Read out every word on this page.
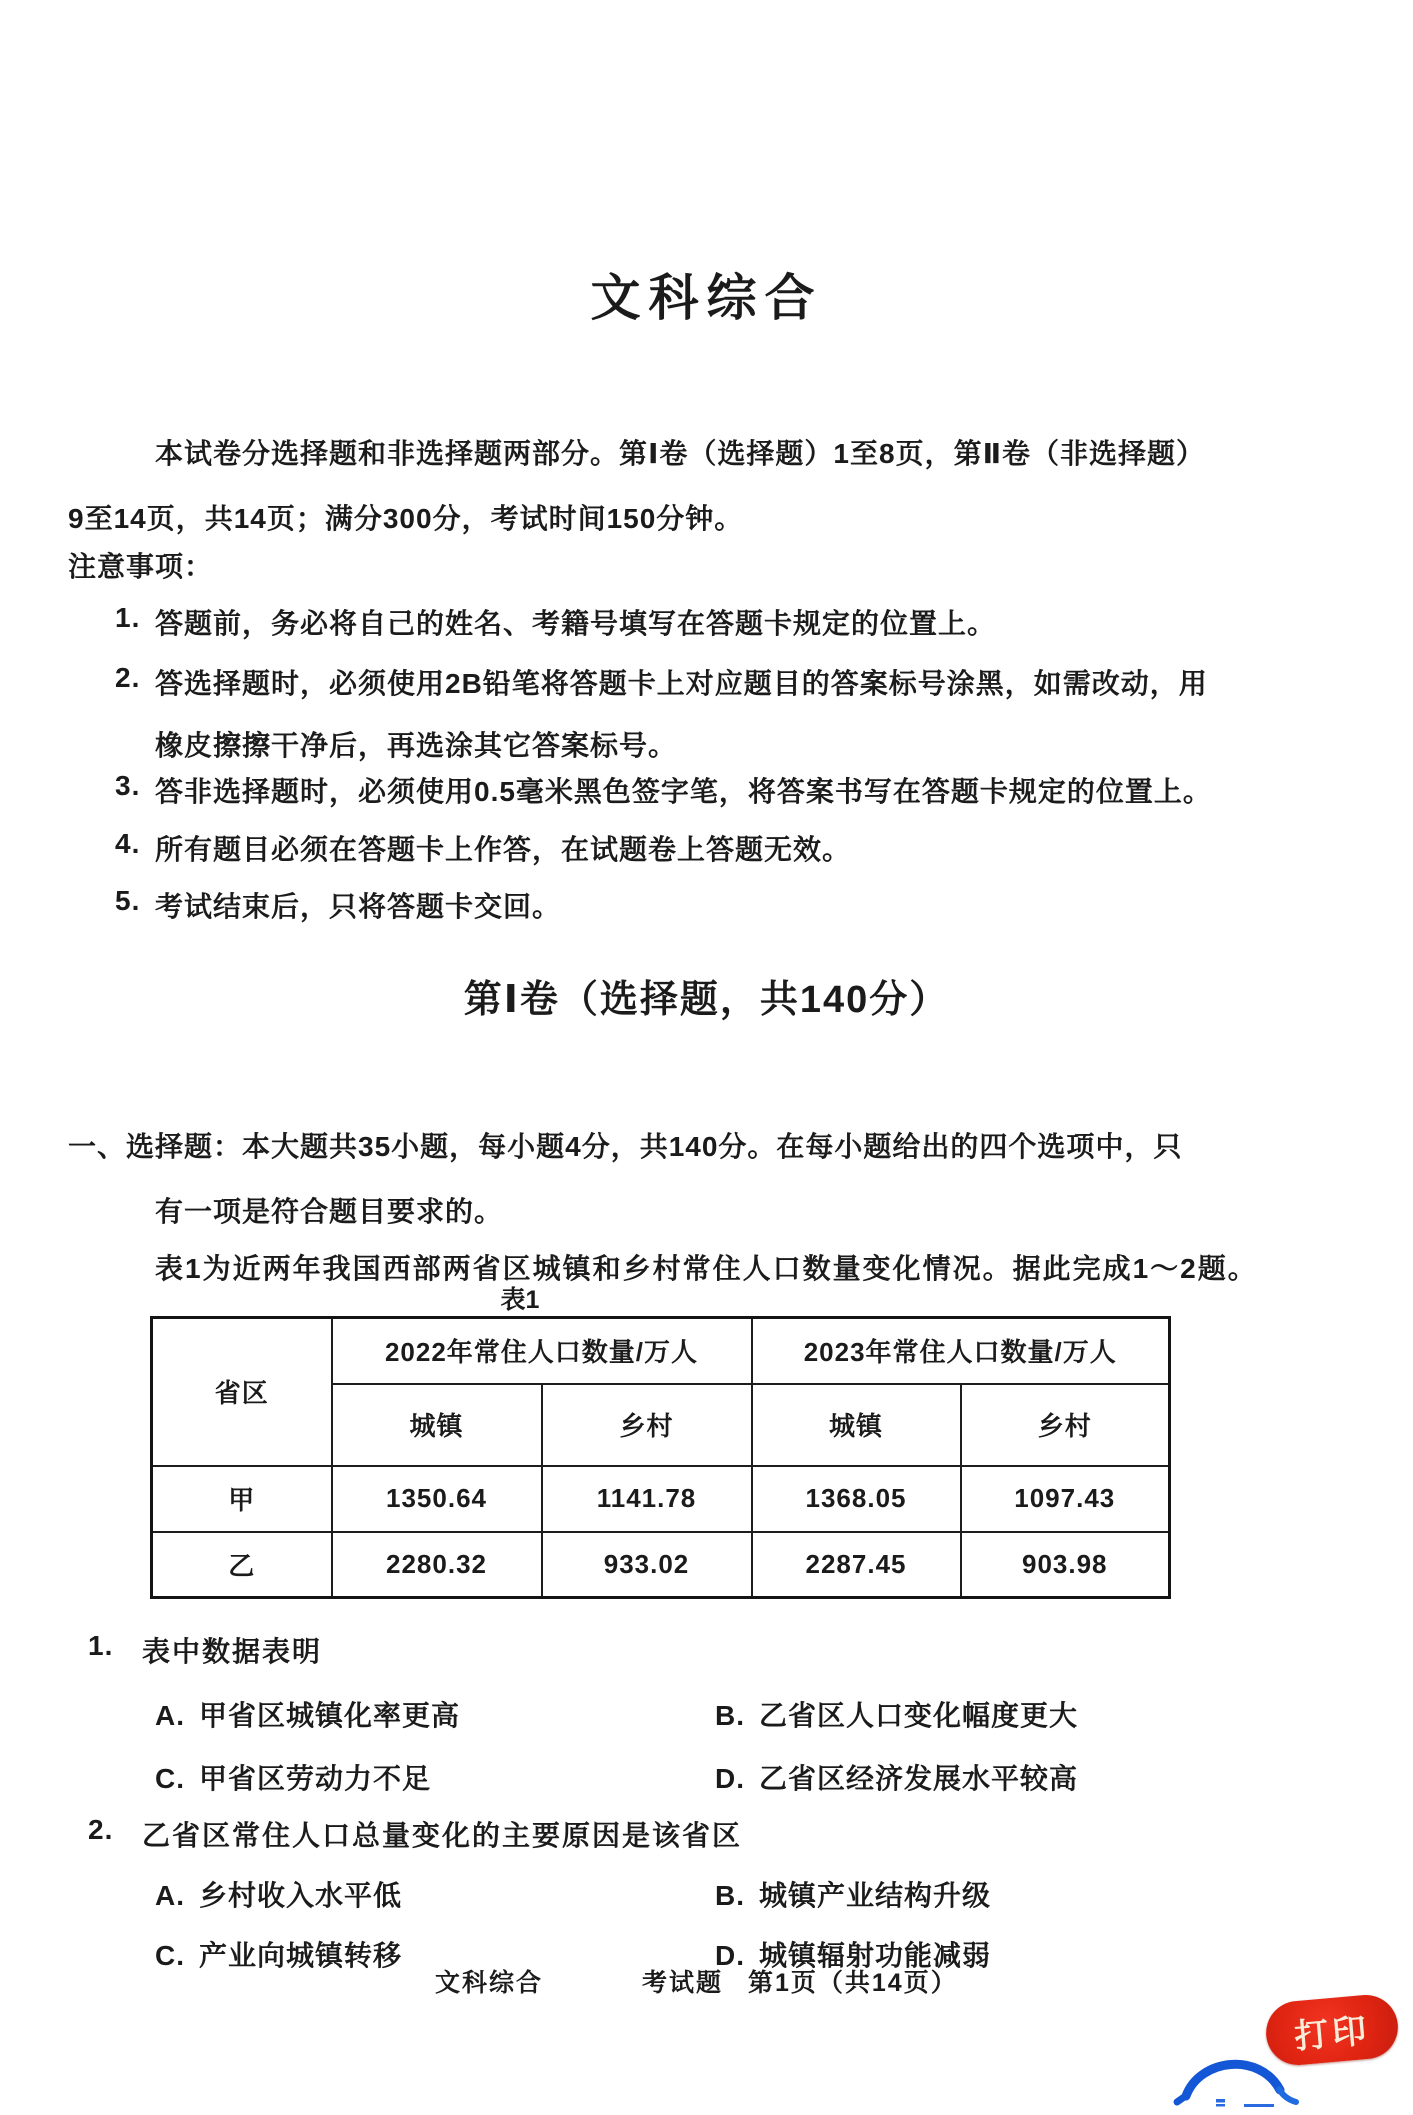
文科综合
本试卷分选择题和非选择题两部分。第Ⅰ卷（选择题）1至8页，第Ⅱ卷（非选择题）
9至14页，共14页；满分300分，考试时间150分钟。
注意事项：
1. 答题前，务必将自己的姓名、考籍号填写在答题卡规定的位置上。
2. 答选择题时，必须使用2B铅笔将答题卡上对应题目的答案标号涂黑，如需改动，用
橡皮擦擦干净后，再选涂其它答案标号。
3. 答非选择题时，必须使用0.5毫米黑色签字笔，将答案书写在答题卡规定的位置上。
4. 所有题目必须在答题卡上作答，在试题卷上答题无效。
5. 考试结束后，只将答题卡交回。
第Ⅰ卷（选择题，共140分）
一、选择题：本大题共35小题，每小题4分，共140分。在每小题给出的四个选项中，只
有一项是符合题目要求的。
表1为近两年我国西部两省区城镇和乡村常住人口数量变化情况。据此完成1～2题。
表1
省区	2022年常住人口数量/万人		2023年常住人口数量/万人	
	城镇	乡村	城镇	乡村
甲	1350.64	1141.78	1368.05	1097.43
乙	2280.32	933.02	2287.45	903.98
1. 表中数据表明
A. 甲省区城镇化率更高	B. 乙省区人口变化幅度更大
C. 甲省区劳动力不足	D. 乙省区经济发展水平较高
2. 乙省区常住人口总量变化的主要原因是该省区
A. 乡村收入水平低	B. 城镇产业结构升级
C. 产业向城镇转移	D. 城镇辐射功能减弱
文科综合	考试题 第1页（共14页）
打印
